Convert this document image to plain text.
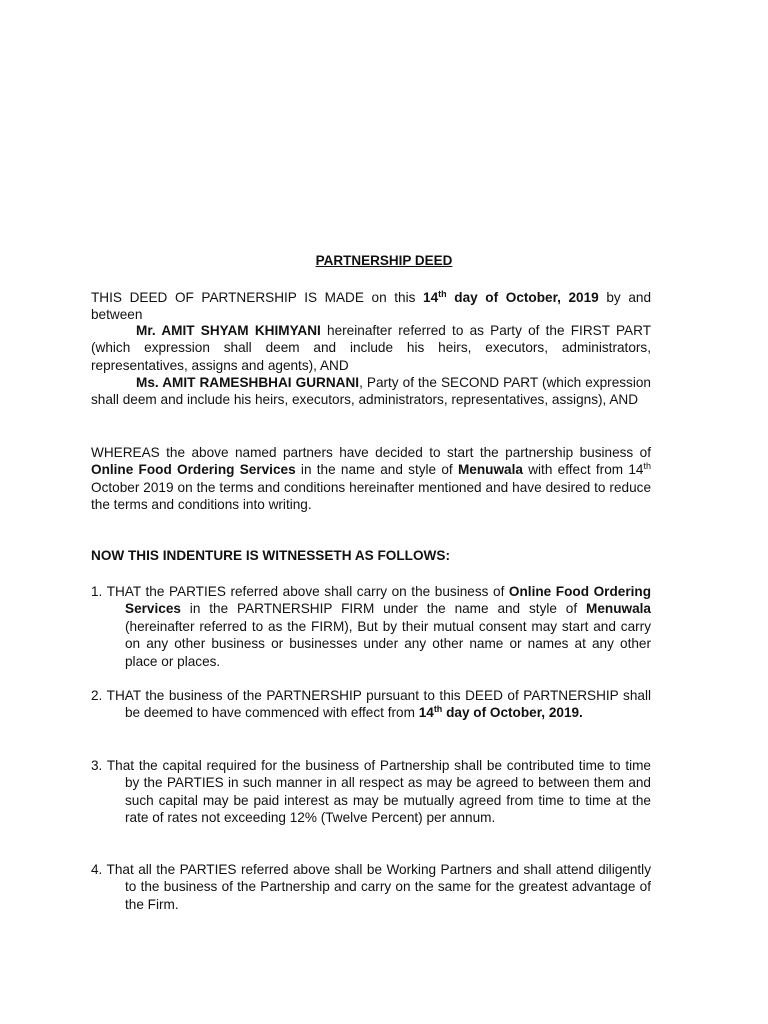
PARTNERSHIP DEED
THIS DEED OF PARTNERSHIP IS MADE on this 14th day of October, 2019 by and between
Mr. AMIT SHYAM KHIMYANI hereinafter referred to as Party of the FIRST PART (which expression shall deem and include his heirs, executors, administrators, representatives, assigns and agents), AND
Ms. AMIT RAMESHBHAI GURNANI, Party of the SECOND PART (which expression shall deem and include his heirs, executors, administrators, representatives, assigns), AND
WHEREAS the above named partners have decided to start the partnership business of Online Food Ordering Services in the name and style of Menuwala with effect from 14th October 2019 on the terms and conditions hereinafter mentioned and have desired to reduce the terms and conditions into writing.
NOW THIS INDENTURE IS WITNESSETH AS FOLLOWS:
1. THAT the PARTIES referred above shall carry on the business of Online Food Ordering Services in the PARTNERSHIP FIRM under the name and style of Menuwala (hereinafter referred to as the FIRM), But by their mutual consent may start and carry on any other business or businesses under any other name or names at any other place or places.
2. THAT the business of the PARTNERSHIP pursuant to this DEED of PARTNERSHIP shall be deemed to have commenced with effect from 14th day of October, 2019.
3. That the capital required for the business of Partnership shall be contributed time to time by the PARTIES in such manner in all respect as may be agreed to between them and such capital may be paid interest as may be mutually agreed from time to time at the rate of rates not exceeding 12% (Twelve Percent) per annum.
4. That all the PARTIES referred above shall be Working Partners and shall attend diligently to the business of the Partnership and carry on the same for the greatest advantage of the Firm.
